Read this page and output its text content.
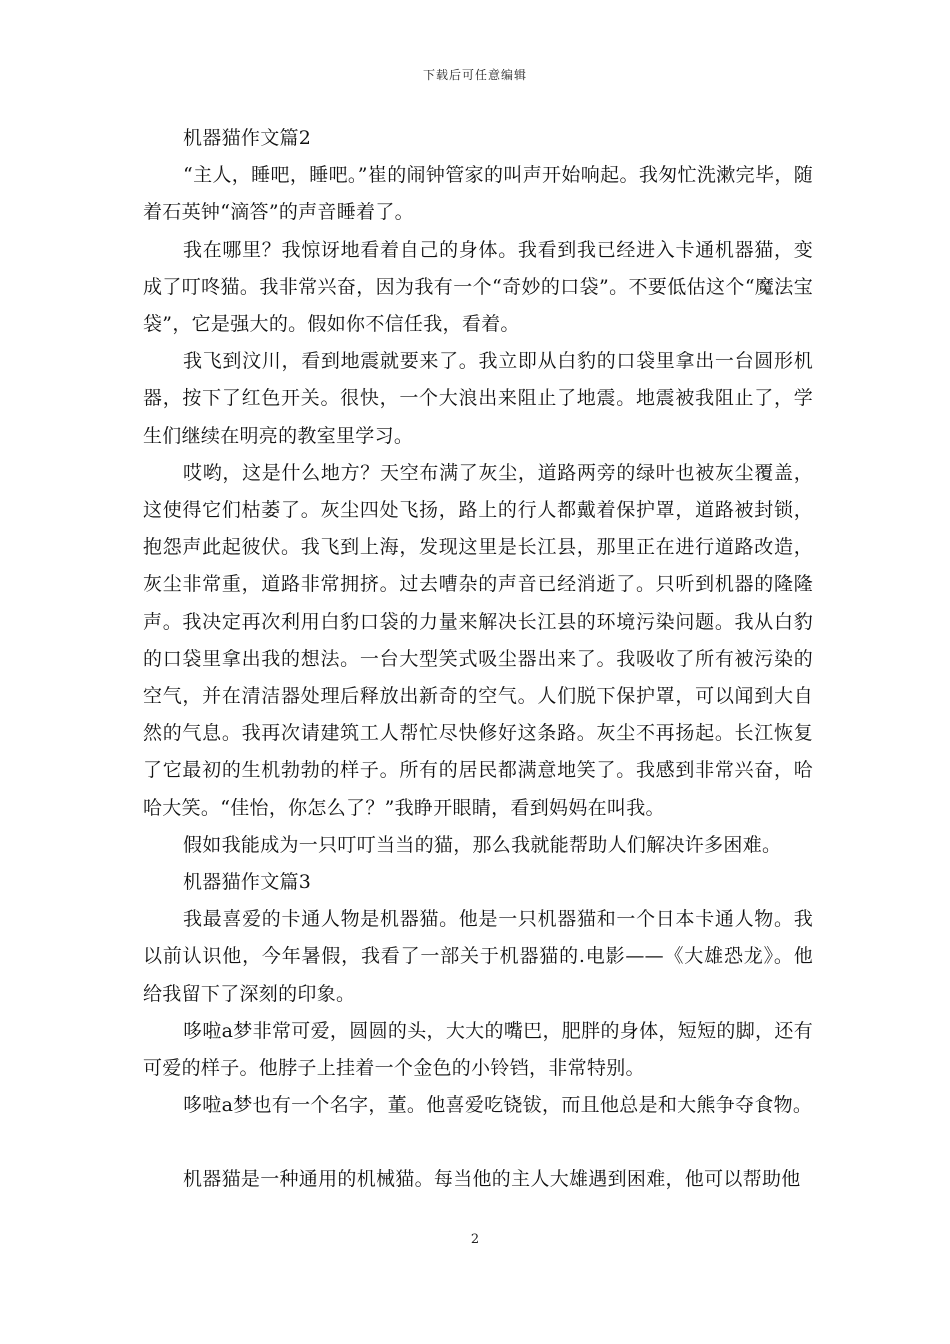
下载后可任意编辑

机器猫作文篇2

“主人，睡吧，睡吧。”崔的闹钟管家的叫声开始响起。我匆忙洗漱完毕，随着石英钟“滴答”的声音睡着了。

我在哪里？我惊讶地看着自己的身体。我看到我已经进入卡通机器猫，变成了叮咚猫。我非常兴奋，因为我有一个“奇妙的口袋”。不要低估这个“魔法宝袋”，它是强大的。假如你不信任我，看着。

我飞到汶川，看到地震就要来了。我立即从白豹的口袋里拿出一台圆形机器，按下了红色开关。很快，一个大浪出来阻止了地震。地震被我阻止了，学生们继续在明亮的教室里学习。

哎哟，这是什么地方？天空布满了灰尘，道路两旁的绿叶也被灰尘覆盖，这使得它们枯萎了。灰尘四处飞扬，路上的行人都戴着保护罩，道路被封锁，抱怨声此起彼伏。我飞到上海，发现这里是长江县，那里正在进行道路改造，灰尘非常重，道路非常拥挤。过去嘈杂的声音已经消逝了。只听到机器的隆隆声。我决定再次利用白豹口袋的力量来解决长江县的环境污染问题。我从白豹的口袋里拿出我的想法。一台大型笑式吸尘器出来了。我吸收了所有被污染的空气，并在清洁器处理后释放出新奇的空气。人们脱下保护罩，可以闻到大自然的气息。我再次请建筑工人帮忙尽快修好这条路。灰尘不再扬起。长江恢复了它最初的生机勃勃的样子。所有的居民都满意地笑了。我感到非常兴奋，哈哈大笑。“佳怡，你怎么了？”我睁开眼睛，看到妈妈在叫我。

假如我能成为一只叮叮当当的猫，那么我就能帮助人们解决许多困难。

机器猫作文篇3

我最喜爱的卡通人物是机器猫。他是一只机器猫和一个日本卡通人物。我以前认识他，今年暑假，我看了一部关于机器猫的.电影——《大雄恐龙》。他给我留下了深刻的印象。

哆啦a梦非常可爱，圆圆的头，大大的嘴巴，肥胖的身体，短短的脚，还有可爱的样子。他脖子上挂着一个金色的小铃铛，非常特别。

哆啦a梦也有一个名字，董。他喜爱吃铙钹，而且他总是和大熊争夺食物。

机器猫是一种通用的机械猫。每当他的主人大雄遇到困难，他可以帮助他

2
